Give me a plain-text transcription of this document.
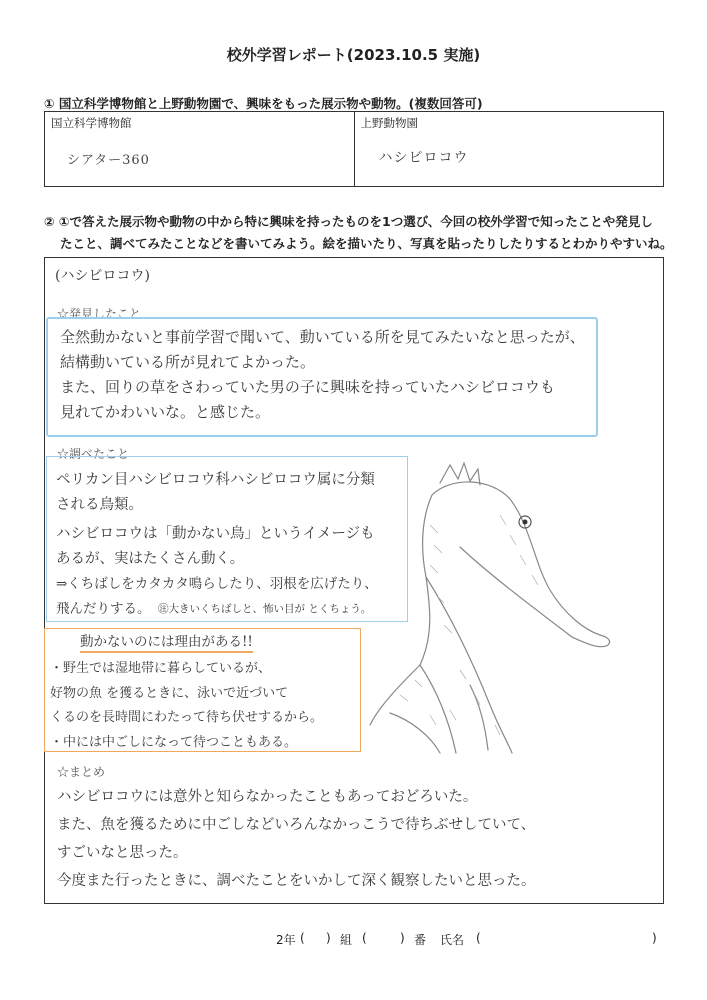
校外学習レポート(2023.10.5 実施)
① 国立科学博物館と上野動物園で、興味をもった展示物や動物。(複数回答可)
国立科学博物館
シアター360
上野動物園
ハシビロコウ
② ①で答えた展示物や動物の中から特に興味を持ったものを1つ選び、今回の校外学習で知ったことや発見し
たこと、調べてみたことなどを書いてみよう。絵を描いたり、写真を貼ったりしたりするとわかりやすいね。
(ハシビロコウ)
☆発見したこと
全然動かないと事前学習で聞いて、動いている所を見てみたいなと思ったが、
結構動いている所が見れてよかった。
また、回りの草をさわっていた男の子に興味を持っていたハシビロコウも
見れてかわいいな。と感じた。
☆調べたこと
ペリカン目ハシビロコウ科ハシビロコウ属に分類
される鳥類。
ハシビロコウは「動かない鳥」というイメージも
あるが、実はたくさん動く。
⇒くちばしをカタカタ鳴らしたり、羽根を広げたり、
飛んだりする。 ㊟大きいくちばしと、怖い目が とくちょう。
動かないのには理由がある!!
・野生では湿地帯に暮らしているが、
好物の魚 を獲るときに、泳いで近づいて
くるのを長時間にわたって待ち伏せするから。
・中には中ごしになって待つこともある。
☆まとめ
ハシビロコウには意外と知らなかったこともあっておどろいた。
また、魚を獲るために中ごしなどいろんなかっこうで待ちぶせしていて、
すごいなと思った。
今度また行ったときに、調べたことをいかして深く観察したいと思った。
2年 ( ) 組 (	) 番 氏名 (	)
